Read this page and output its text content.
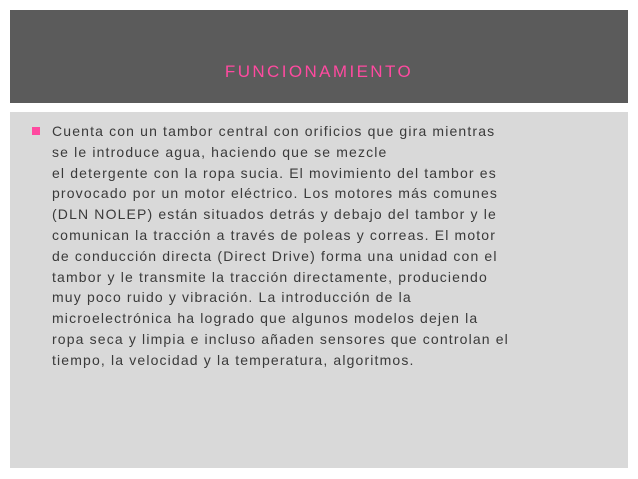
FUNCIONAMIENTO

Cuenta con un tambor central con orificios que gira mientras
se le introduce agua, haciendo que se mezcle
el detergente con la ropa sucia. El movimiento del tambor es
provocado por un motor eléctrico. Los motores más comunes
(DLN NOLEP) están situados detrás y debajo del tambor y le
comunican la tracción a través de poleas y correas. El motor
de conducción directa (Direct Drive) forma una unidad con el
tambor y le transmite la tracción directamente, produciendo
muy poco ruido y vibración. La introducción de la
microelectrónica ha logrado que algunos modelos dejen la
ropa seca y limpia e incluso añaden sensores que controlan el
tiempo, la velocidad y la temperatura, algoritmos.
